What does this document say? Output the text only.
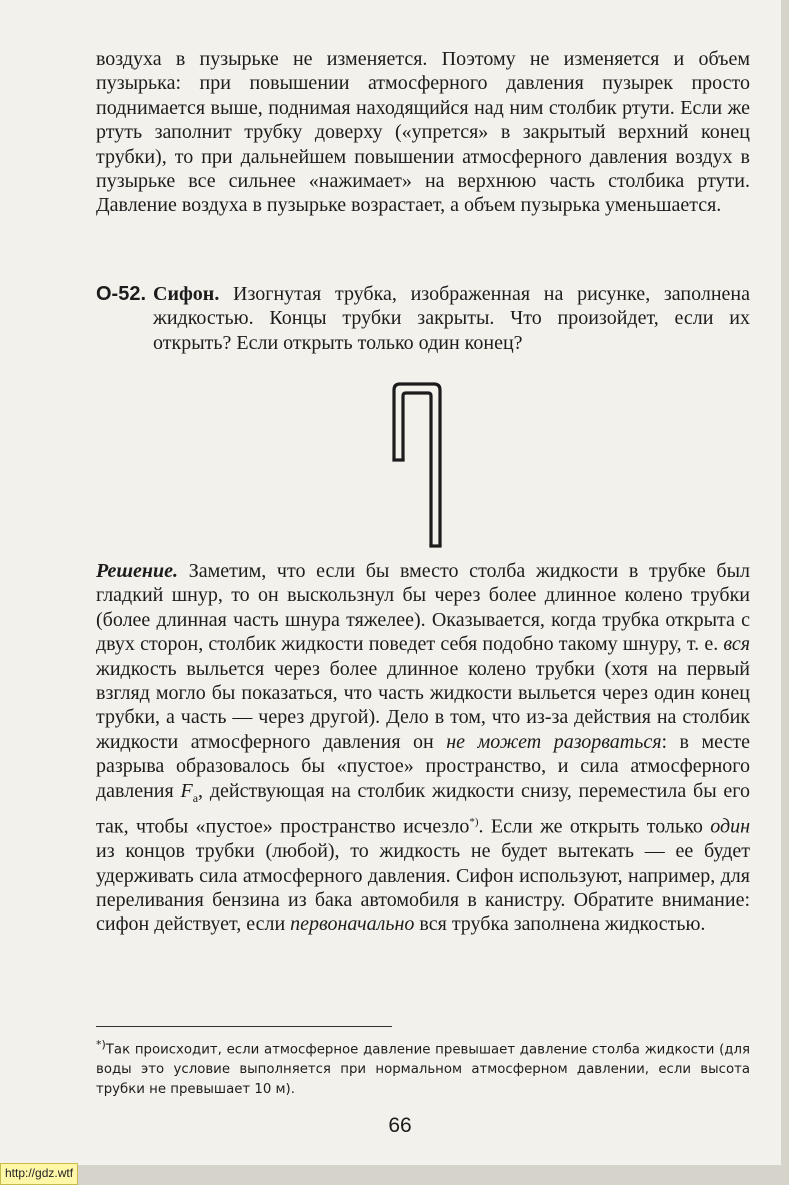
воздуха в пузырьке не изменяется. Поэтому не изменяется и объем пузырька: при повышении атмосферного давления пузырек просто поднимается выше, поднимая находящийся над ним столбик ртути. Если же ртуть заполнит трубку доверху («упрется» в закрытый верхний конец трубки), то при дальнейшем повышении атмосферного давления воздух в пузырьке все сильнее «нажимает» на верхнюю часть столбика ртути. Давление воздуха в пузырьке возрастает, а объем пузырька уменьшается.

О-52. Сифон. Изогнутая трубка, изображенная на рисунке, заполнена жидкостью. Концы трубки закрыты. Что произойдет, если их открыть? Если открыть только один конец?

Решение. Заметим, что если бы вместо столба жидкости в трубке был гладкий шнур, то он выскользнул бы через более длинное колено трубки (более длинная часть шнура тяжелее). Оказывается, когда трубка открыта с двух сторон, столбик жидкости поведет себя подобно такому шнуру, т. е. вся жидкость выльется через более длинное колено трубки (хотя на первый взгляд могло бы показаться, что часть жидкости выльется через один конец трубки, а часть — через другой). Дело в том, что из-за действия на столбик жидкости атмосферного давления он не может разорваться: в месте разрыва образовалось бы «пустое» пространство, и сила атмосферного давления $F_a$, действующая на столбик жидкости снизу, переместила бы его так, чтобы «пустое» пространство исчезло*). Если же открыть только один из концов трубки (любой), то жидкость не будет вытекать — ее будет удерживать сила атмосферного давления. Сифон используют, например, для переливания бензина из бака автомобиля в канистру. Обратите внимание: сифон действует, если первоначально вся трубка заполнена жидкостью.

*)Так происходит, если атмосферное давление превышает давление столба жидкости (для воды это условие выполняется при нормальном атмосферном давлении, если высота трубки не превышает 10 м).

66
http://gdz.wtf
